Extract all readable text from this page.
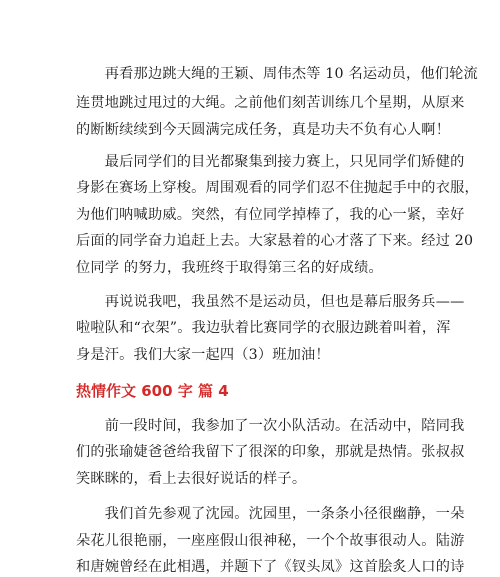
　　再看那边跳大绳的王颖、周伟杰等 10 名运动员，他们轮流
连贯地跳过甩过的大绳。之前他们刻苦训练几个星期，从原来
的断断续续到今天圆满完成任务，真是功夫不负有心人啊！
　　最后同学们的目光都聚集到接力赛上，只见同学们矫健的
身影在赛场上穿梭。周围观看的同学们忍不住抛起手中的衣服，
为他们呐喊助威。突然，有位同学掉棒了，我的心一紧，幸好
后面的同学奋力追赶上去。大家悬着的心才落了下来。经过 20
位同学 的努力，我班终于取得第三名的好成绩。
　　再说说我吧，我虽然不是运动员，但也是幕后服务兵——
啦啦队和“衣架”。我边驮着比赛同学的衣服边跳着叫着，浑
身是汗。我们大家一起四（3）班加油！
热情作文 600 字 篇 4
　　前一段时间，我参加了一次小队活动。在活动中，陪同我
们的张瑜婕爸爸给我留下了很深的印象，那就是热情。张叔叔
笑眯眯的，看上去很好说话的样子。
　　我们首先参观了沈园。沈园里，一条条小径很幽静，一朵
朵花儿很艳丽，一座座假山很神秘，一个个故事很动人。陆游
和唐婉曾经在此相遇，并题下了《钗头凤》这首脍炙人口的诗
